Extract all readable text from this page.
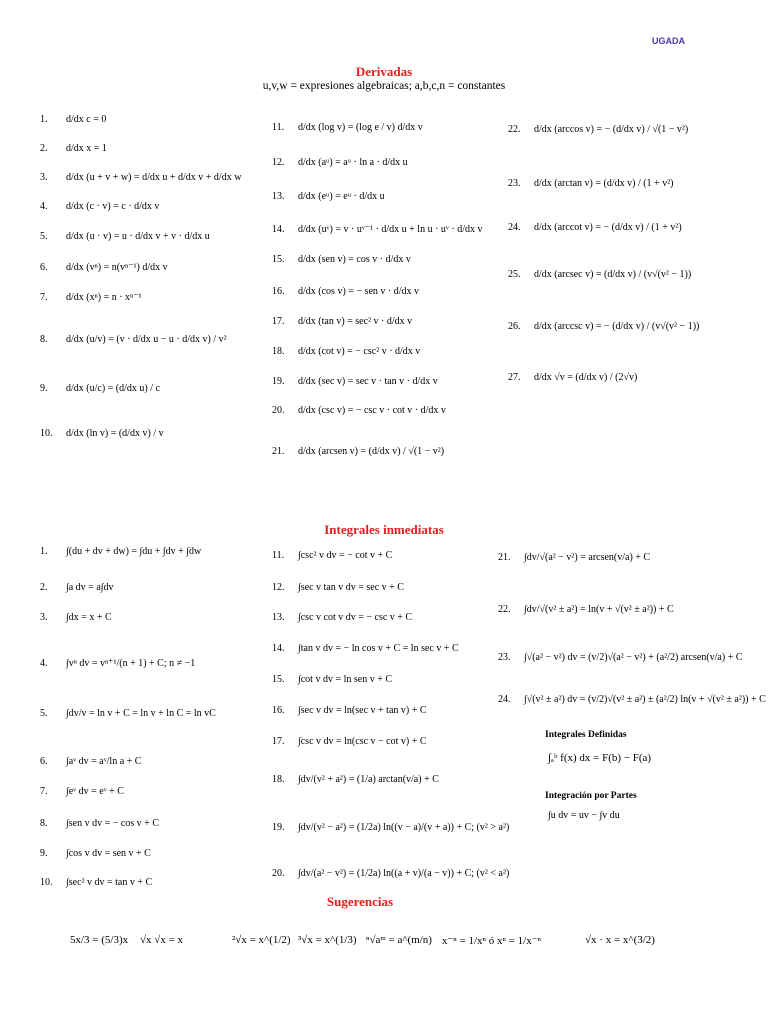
UGADA
Derivadas
u,v,w = expresiones algebraicas; a,b,c,n = constantes
1. d/dx c = 0
2. d/dx x = 1
3. d/dx (u + v + w) = d/dx u + d/dx v + d/dx w
4. d/dx (c · v) = c · d/dx v
5. d/dx (u · v) = u · d/dx v + v · d/dx u
6. d/dx (vⁿ) = n(vⁿ⁻¹) d/dx v
7. d/dx (xⁿ) = n · xⁿ⁻¹
8. d/dx (u/v) = (v · d/dx u − u · d/dx v) / v²
9. d/dx (u/c) = (d/dx u) / c
10. d/dx (ln v) = (d/dx v) / v
11. d/dx (log v) = (log e / v) d/dx v
12. d/dx (aᵘ) = aᵘ · ln a · d/dx u
13. d/dx (eᵘ) = eᵘ · d/dx u
14. d/dx (uᵛ) = v · uᵛ⁻¹ · d/dx u + ln u · uᵛ · d/dx v
15. d/dx (sen v) = cos v · d/dx v
16. d/dx (cos v) = − sen v · d/dx v
17. d/dx (tan v) = sec² v · d/dx v
18. d/dx (cot v) = − csc² v · d/dx v
19. d/dx (sec v) = sec v · tan v · d/dx v
20. d/dx (csc v) = − csc v · cot v · d/dx v
21. d/dx (arcsen v) = (d/dx v) / √(1 − v²)
22. d/dx (arccos v) = − (d/dx v) / √(1 − v²)
23. d/dx (arctan v) = (d/dx v) / (1 + v²)
24. d/dx (arccot v) = − (d/dx v) / (1 + v²)
25. d/dx (arcsec v) = (d/dx v) / (v√(v² − 1))
26. d/dx (arccsc v) = − (d/dx v) / (v√(v² − 1))
27. d/dx √v = (d/dx v) / (2√v)
Integrales inmediatas
1. ∫(du + dv + dw) = ∫du + ∫dv + ∫dw
2. ∫a dv = a∫dv
3. ∫dx = x + C
4. ∫vⁿ dv = vⁿ⁺¹/(n + 1) + C; n ≠ −1
5. ∫dv/v = ln v + C = ln v + ln C = ln vC
6. ∫aᵛ dv = aᵛ/ln a + C
7. ∫eᵛ dv = eᵛ + C
8. ∫sen v dv = − cos v + C
9. ∫cos v dv = sen v + C
10. ∫sec² v dv = tan v + C
11. ∫csc² v dv = − cot v + C
12. ∫sec v tan v dv = sec v + C
13. ∫csc v cot v dv = − csc v + C
14. ∫tan v dv = − ln cos v + C = ln sec v + C
15. ∫cot v dv = ln sen v + C
16. ∫sec v dv = ln(sec v + tan v) + C
17. ∫csc v dv = ln(csc v − cot v) + C
18. ∫dv/(v² + a²) = (1/a) arctan(v/a) + C
19. ∫dv/(v² − a²) = (1/2a) ln((v − a)/(v + a)) + C; (v² > a²)
20. ∫dv/(a² − v²) = (1/2a) ln((a + v)/(a − v)) + C; (v² < a²)
21. ∫dv/√(a² − v²) = arcsen(v/a) + C
22. ∫dv/√(v² ± a²) = ln(v + √(v² ± a²)) + C
23. ∫√(a² − v²) dv = (v/2)√(a² − v²) + (a²/2) arcsen(v/a) + C
24. ∫√(v² ± a²) dv = (v/2)√(v² ± a²) ± (a²/2) ln(v + √(v² ± a²)) + C
Integrales Definidas
∫ₐᵇ f(x) dx = F(b) − F(a)
Integración por Partes
∫u dv = uv − ∫v du
Sugerencias
5x/3 = (5/3)x √x √x = x	²√x = x^(1/2) ³√x = x^(1/3) ⁿ√aᵐ = a^(m/n) x⁻ⁿ = 1/xⁿ ó xⁿ = 1/x⁻ⁿ	√x · x = x^(3/2)
